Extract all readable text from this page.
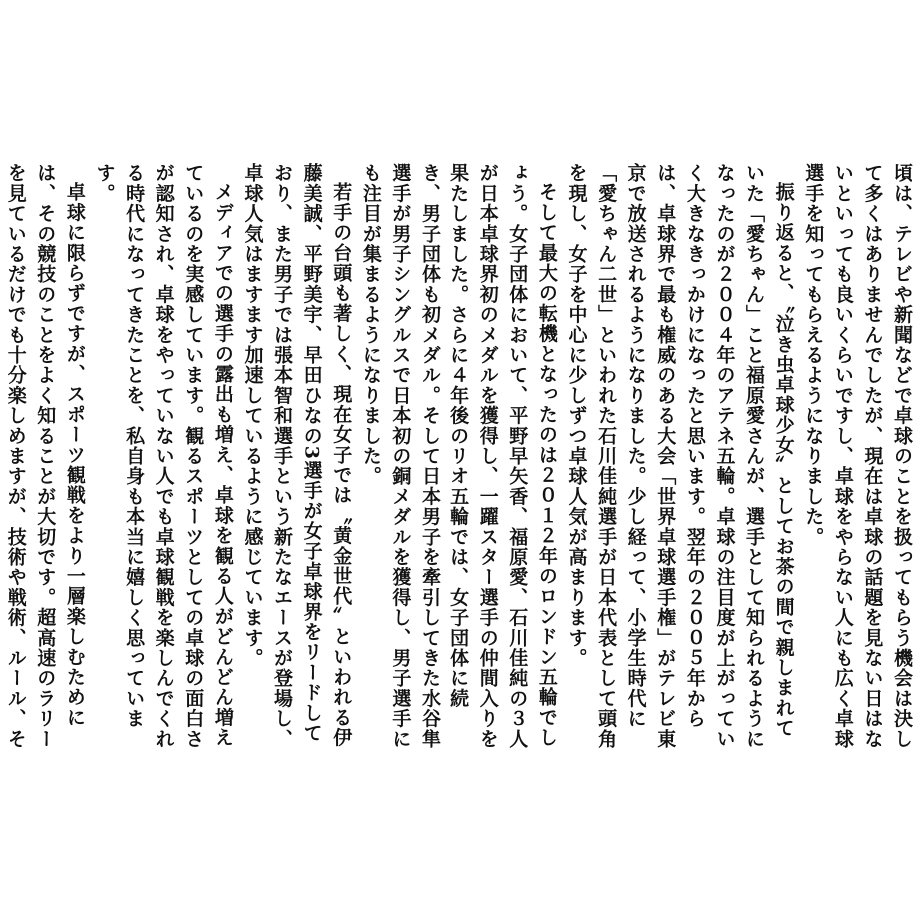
頃は、テレビや新聞などで卓球のことを扱ってもらう機会は決して多くはありませんでしたが、現在は卓球の話題を見ない日はないといっても良いくらいですし、卓球をやらない人にも広く卓球選手を知ってもらえるようになりました。

振り返ると、〝泣き虫卓球少女〟としてお茶の間で親しまれていた「愛ちゃん」こと福原愛さんが、選手として知られるようになったのが２００４年のアテネ五輪。卓球の注目度が上がっていく大きなきっかけになったと思います。翌年の２００５年からは、卓球界で最も権威のある大会「世界卓球選手権」がテレビ東京で放送されるようになりました。少し経って、小学生時代に「愛ちゃん二世」といわれた石川佳純選手が日本代表として頭角を現し、女子を中心に少しずつ卓球人気が高まります。

そして最大の転機となったのは２０１２年のロンドン五輪でしょう。女子団体において、平野早矢香、福原愛、石川佳純の３人が日本卓球界初のメダルを獲得し、一躍スター選手の仲間入りを果たしました。さらに４年後のリオ五輪では、女子団体に続

き、男子団体も初メダル。そして日本男子を牽引してきた水谷隼選手が男子シングルスで日本初の銅メダルを獲得し、男子選手にも注目が集まるようになりました。

若手の台頭も著しく、現在女子では〝黄金世代〟といわれる伊藤美誠、平野美宇、早田ひなの3選手が女子卓球界をリードしており、また男子では張本智和選手という新たなエースが登場し、卓球人気はますます加速しているように感じています。

メディアでの選手の露出も増え、卓球を観る人がどんどん増えているのを実感しています。観るスポーツとしての卓球の面白さが認知され、卓球をやっていない人でも卓球観戦を楽しんでくれる時代になってきたことを、私自身も本当に嬉しく思っています。

卓球に限らずですが、スポーツ観戦をより一層楽しむためには、その競技のことをよく知ることが大切です。超高速のラリーを見ているだけでも十分楽しめますが、技術や戦術、ルール、そ
